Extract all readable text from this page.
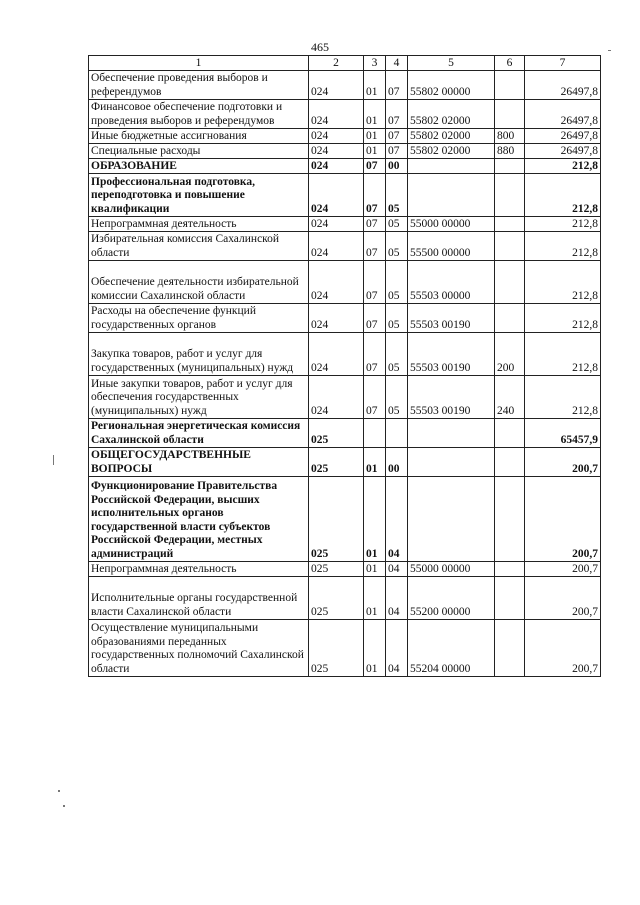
465
1	2	3	4	5	6	7
Обеспечение проведения выборов и референдумов	024	01	07	55802 00000		26497,8
Финансовое обеспечение подготовки и проведения выборов и референдумов	024	01	07	55802 02000		26497,8
Иные бюджетные ассигнования	024	01	07	55802 02000	800	26497,8
Специальные расходы	024	01	07	55802 02000	880	26497,8
ОБРАЗОВАНИЕ	024	07	00			212,8
Профессиональная подготовка, переподготовка и повышение квалификации	024	07	05			212,8
Непрограммная деятельность	024	07	05	55000 00000		212,8
Избирательная комиссия Сахалинской области	024	07	05	55500 00000		212,8
Обеспечение деятельности избирательной комиссии Сахалинской области	024	07	05	55503 00000		212,8
Расходы на обеспечение функций государственных органов	024	07	05	55503 00190		212,8
Закупка товаров, работ и услуг для государственных (муниципальных) нужд	024	07	05	55503 00190	200	212,8
Иные закупки товаров, работ и услуг для обеспечения государственных (муниципальных) нужд	024	07	05	55503 00190	240	212,8
Региональная энергетическая комиссия Сахалинской области	025					65457,9
ОБЩЕГОСУДАРСТВЕННЫЕ ВОПРОСЫ	025	01	00			200,7
Функционирование Правительства Российской Федерации, высших исполнительных органов государственной власти субъектов Российской Федерации, местных администраций	025	01	04			200,7
Непрограммная деятельность	025	01	04	55000 00000		200,7
Исполнительные органы государственной власти Сахалинской области	025	01	04	55200 00000		200,7
Осуществление муниципальными образованиями переданных государственных полномочий Сахалинской области	025	01	04	55204 00000		200,7
